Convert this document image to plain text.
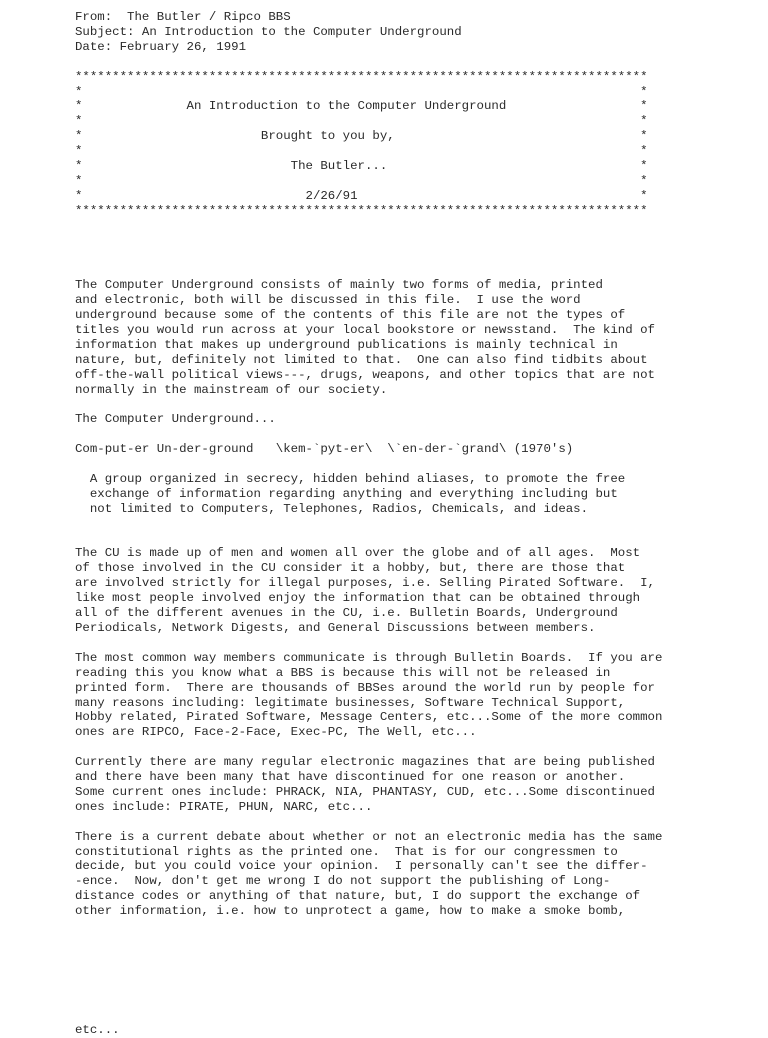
From:  The Butler / Ripco BBS
Subject: An Introduction to the Computer Underground
Date: February 26, 1991
*****************************************************************************
*                                                                           *
*              An Introduction to the Computer Underground                  *
*                                                                           *
*                        Brought to you by,                                 *
*                                                                           *
*                            The Butler...                                  *
*                                                                           *
*                              2/26/91                                      *
*****************************************************************************
The Computer Underground consists of mainly two forms of media, printed
and electronic, both will be discussed in this file.  I use the word
underground because some of the contents of this file are not the types of
titles you would run across at your local bookstore or newsstand.  The kind of
information that makes up underground publications is mainly technical in
nature, but, definitely not limited to that.  One can also find tidbits about
off-the-wall political views---, drugs, weapons, and other topics that are not
normally in the mainstream of our society.
The Computer Underground...
Com-put-er Un-der-ground   \kem-`pyt-er\  \`en-der-`grand\ (1970's)
A group organized in secrecy, hidden behind aliases, to promote the free
exchange of information regarding anything and everything including but
not limited to Computers, Telephones, Radios, Chemicals, and ideas.
The CU is made up of men and women all over the globe and of all ages.  Most
of those involved in the CU consider it a hobby, but, there are those that
are involved strictly for illegal purposes, i.e. Selling Pirated Software.  I,
like most people involved enjoy the information that can be obtained through
all of the different avenues in the CU, i.e. Bulletin Boards, Underground
Periodicals, Network Digests, and General Discussions between members.
The most common way members communicate is through Bulletin Boards.  If you are
reading this you know what a BBS is because this will not be released in
printed form.  There are thousands of BBSes around the world run by people for
many reasons including: legitimate businesses, Software Technical Support,
Hobby related, Pirated Software, Message Centers, etc...Some of the more common
ones are RIPCO, Face-2-Face, Exec-PC, The Well, etc...
Currently there are many regular electronic magazines that are being published
and there have been many that have discontinued for one reason or another.
Some current ones include: PHRACK, NIA, PHANTASY, CUD, etc...Some discontinued
ones include: PIRATE, PHUN, NARC, etc...
There is a current debate about whether or not an electronic media has the same
constitutional rights as the printed one.  That is for our congressmen to
decide, but you could voice your opinion.  I personally can't see the differ-
-ence.  Now, don't get me wrong I do not support the publishing of Long-
distance codes or anything of that nature, but, I do support the exchange of
other information, i.e. how to unprotect a game, how to make a smoke bomb,
etc...
